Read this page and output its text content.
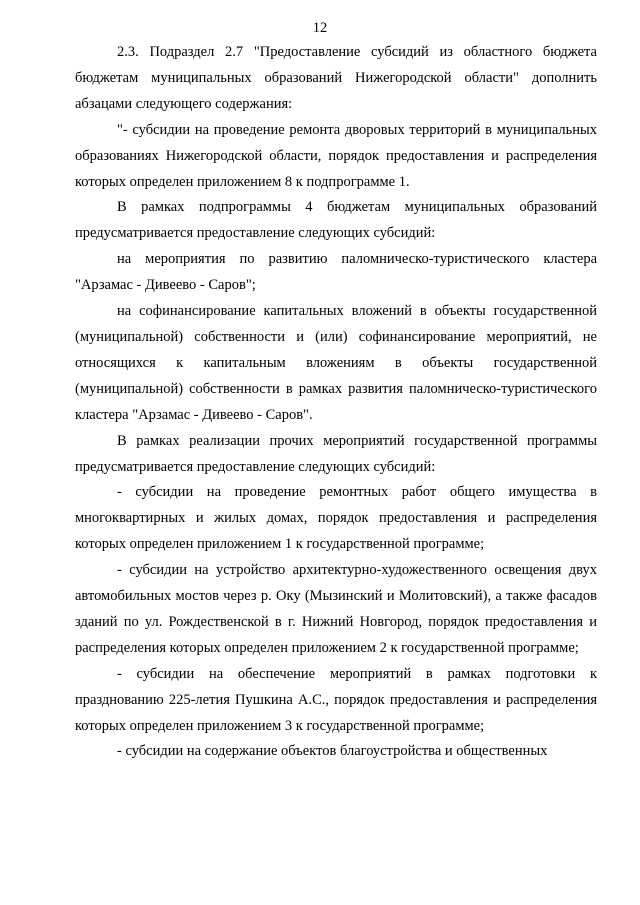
12

2.3. Подраздел 2.7 "Предоставление субсидий из областного бюджета бюджетам муниципальных образований Нижегородской области" дополнить абзацами следующего содержания:

"- субсидии на проведение ремонта дворовых территорий в муниципальных образованиях Нижегородской области, порядок предоставления и распределения которых определен приложением 8 к подпрограмме 1.

В рамках подпрограммы 4 бюджетам муниципальных образований предусматривается предоставление следующих субсидий:

на мероприятия по развитию паломническо-туристического кластера "Арзамас - Дивеево - Саров";

на софинансирование капитальных вложений в объекты государственной (муниципальной) собственности и (или) софинансирование мероприятий, не относящихся к капитальным вложениям в объекты государственной (муниципальной) собственности в рамках развития паломническо-туристического кластера "Арзамас - Дивеево - Саров".

В рамках реализации прочих мероприятий государственной программы предусматривается предоставление следующих субсидий:

- субсидии на проведение ремонтных работ общего имущества в многоквартирных и жилых домах, порядок предоставления и распределения которых определен приложением 1 к государственной программе;

- субсидии на устройство архитектурно-художественного освещения двух автомобильных мостов через р. Оку (Мызинский и Молитовский), а также фасадов зданий по ул. Рождественской в г. Нижний Новгород, порядок предоставления и распределения которых определен приложением 2 к государственной программе;

- субсидии на обеспечение мероприятий в рамках подготовки к празднованию 225-летия Пушкина А.С., порядок предоставления и распределения которых определен приложением 3 к государственной программе;

- субсидии на содержание объектов благоустройства и общественных
